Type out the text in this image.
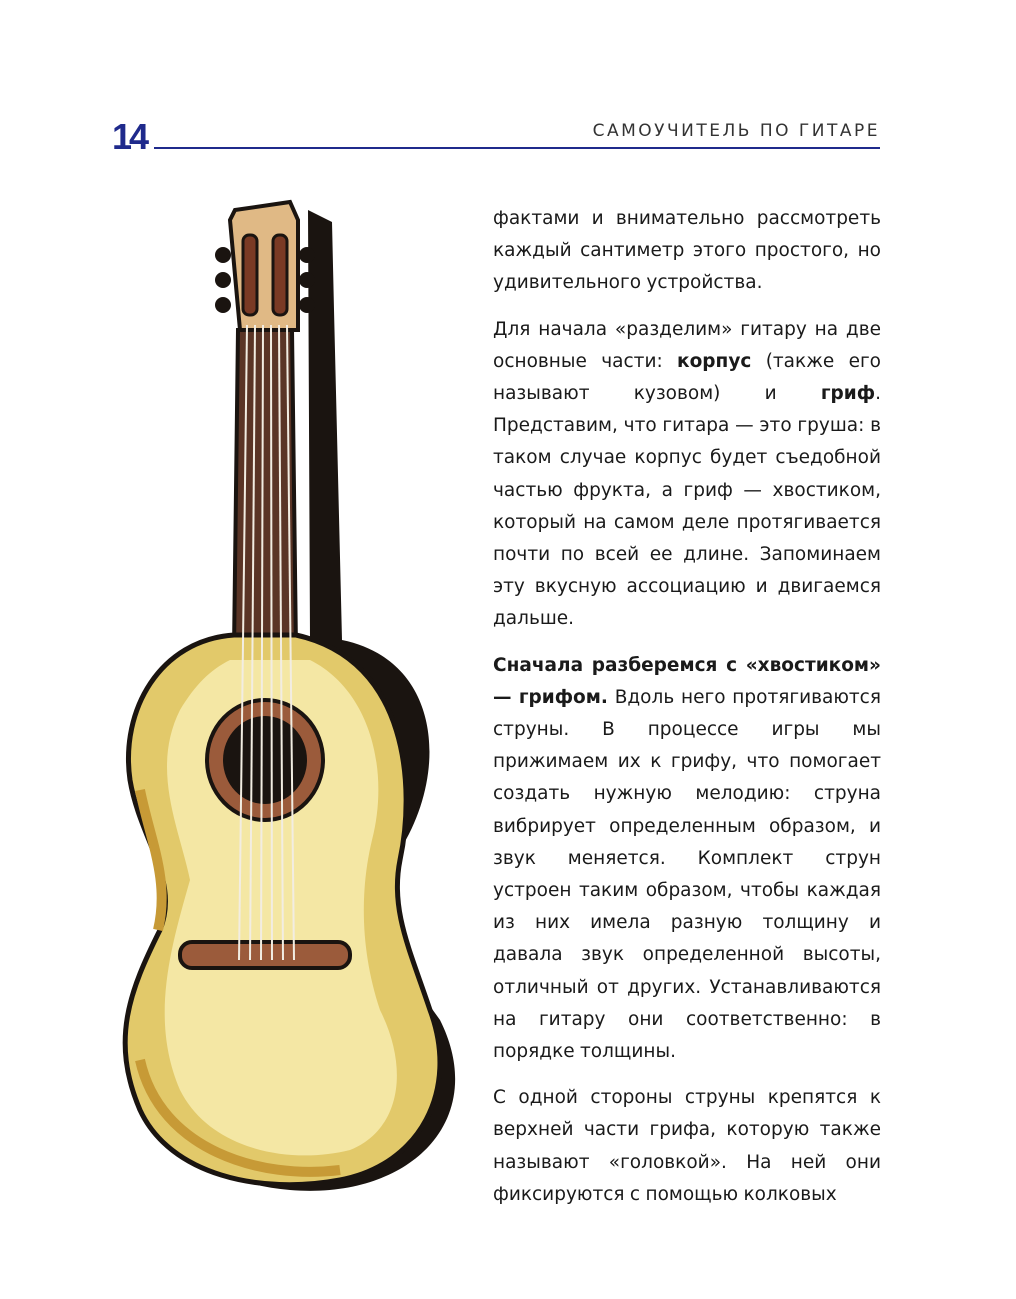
14	САМОУЧИТЕЛЬ ПО ГИТАРЕ

фактами и внимательно рассмотреть каждый сантиметр этого простого, но удивительного устройства.

Для начала «разделим» гитару на две основные части: корпус (также его называют кузовом) и гриф. Представим, что гитара — это груша: в таком случае корпус будет съедобной частью фрукта, а гриф — хвостиком, который на самом деле протягивается почти по всей ее длине. Запоминаем эту вкусную ассоциацию и двигаемся дальше.

Сначала разберемся с «хвостиком» — грифом. Вдоль него протягиваются струны. В процессе игры мы прижимаем их к грифу, что помогает создать нужную мелодию: струна вибрирует определенным образом, и звук меняется. Комплект струн устроен таким образом, чтобы каждая из них имела разную толщину и давала звук определенной высоты, отличный от других. Устанавливаются на гитару они соответственно: в порядке толщины.

С одной стороны струны крепятся к верхней части грифа, которую также называют «головкой». На ней они фиксируются с помощью колковых
